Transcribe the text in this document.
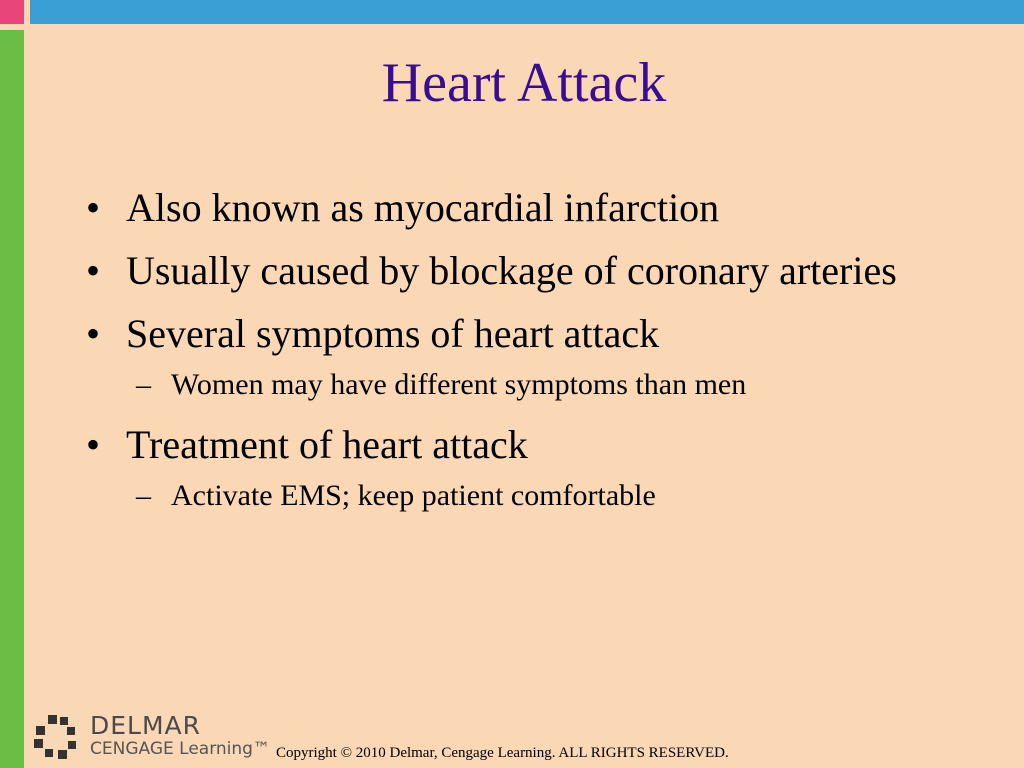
Heart Attack
• Also known as myocardial infarction
• Usually caused by blockage of coronary arteries
• Several symptoms of heart attack
– Women may have different symptoms than men
• Treatment of heart attack
– Activate EMS; keep patient comfortable
DELMAR
CENGAGE Learning™ Copyright © 2010 Delmar, Cengage Learning. ALL RIGHTS RESERVED.
